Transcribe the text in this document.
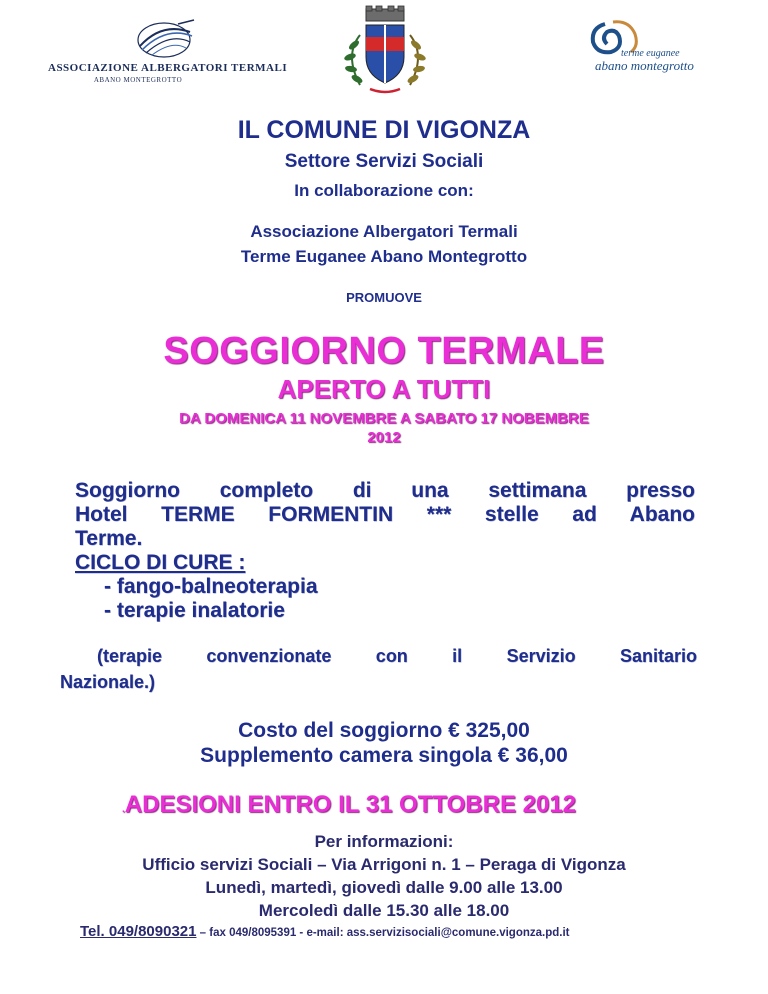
ASSOCIAZIONE ALBERGATORI TERMALI
ABANO MONTEGROTTO
terme euganee
abano montegrotto
IL COMUNE DI VIGONZA
Settore Servizi Sociali
In collaborazione con:
Associazione Albergatori Termali
Terme Euganee Abano Montegrotto
PROMUOVE
SOGGIORNO TERMALE
APERTO A TUTTI
DA DOMENICA 11 NOVEMBRE A SABATO 17 NOBEMBRE
2012
Soggiorno completo di una settimana presso
Hotel TERME FORMENTIN *** stelle ad Abano
Terme.
CICLO DI CURE :
- fango-balneoterapia
- terapie inalatorie
(terapie convenzionate con il Servizio Sanitario
Nazionale.)
Costo del soggiorno € 325,00
Supplemento camera singola € 36,00
.ADESIONI ENTRO IL 31 OTTOBRE 2012
Per informazioni:
Ufficio servizi Sociali – Via Arrigoni n. 1 – Peraga di Vigonza
Lunedì, martedì, giovedì dalle 9.00 alle 13.00
Mercoledì dalle 15.30 alle 18.00
Tel. 049/8090321 – fax 049/8095391 - e-mail: ass.servizisociali@comune.vigonza.pd.it
